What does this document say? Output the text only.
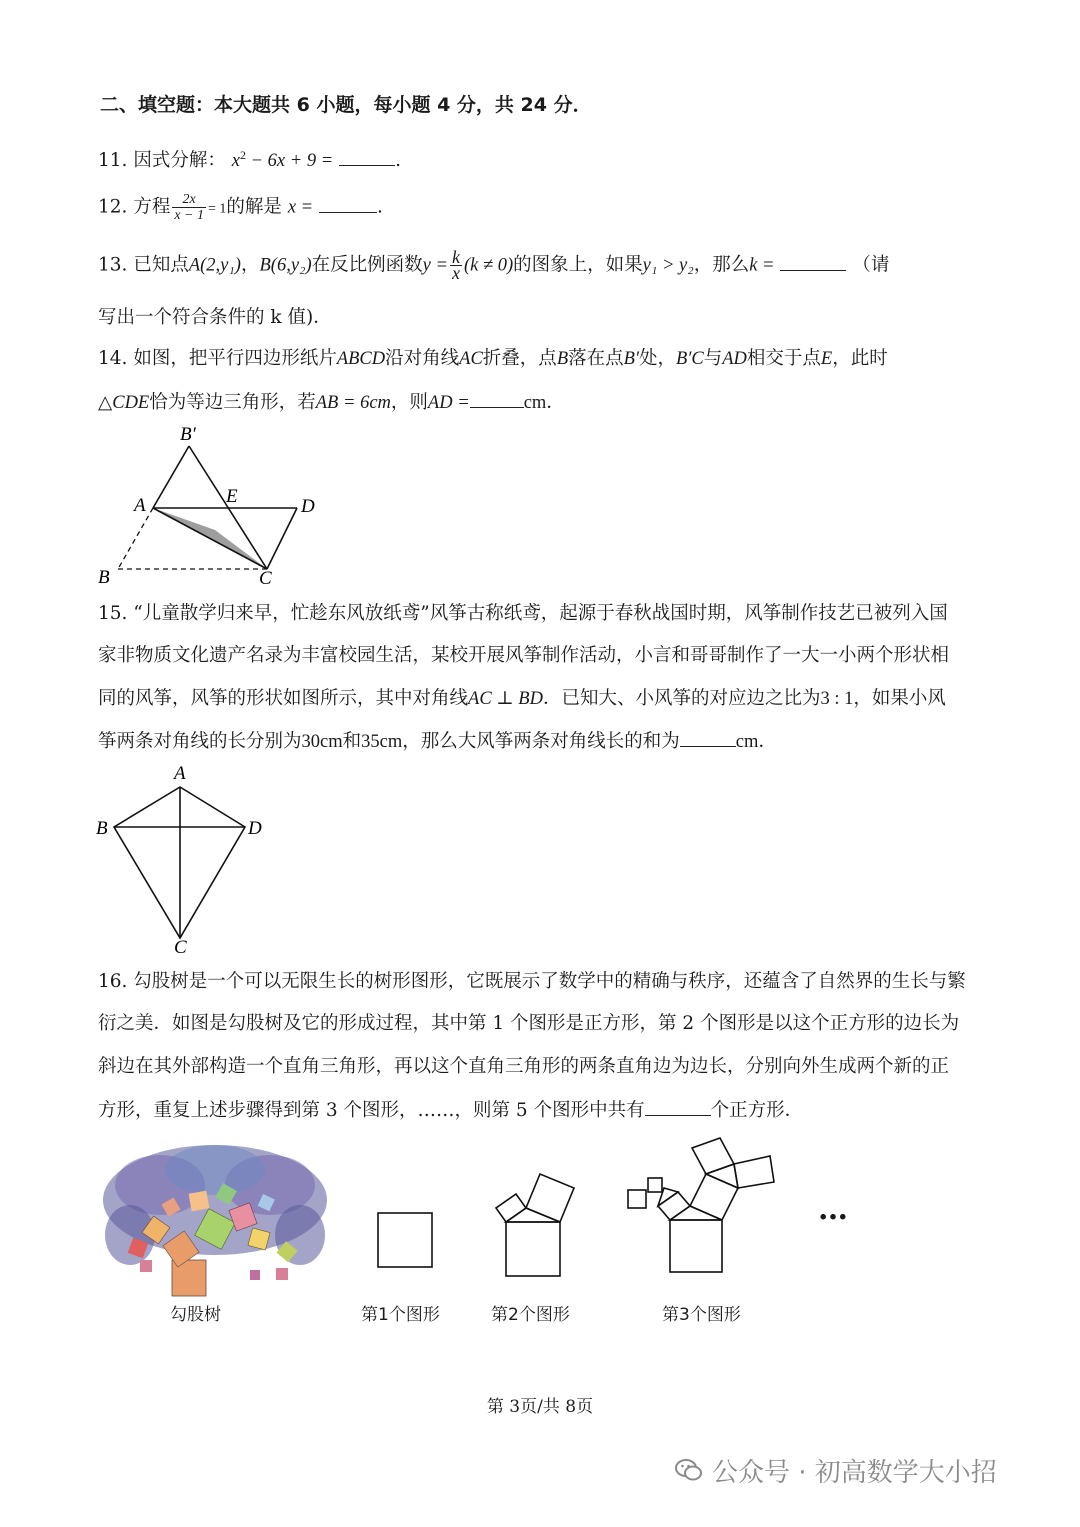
二、填空题：本大题共 6 小题，每小题 4 分，共 24 分．
11. 因式分解： $x^2 - 6x + 9$ =	.
12. 方程 $\frac{2x}{x - 1} = 1$的解是 x =	.
13. 已知点A(2,y₁)，B(6,y₂)在反比例函数$y = \frac{k}{x} (k \ne 0)$的图象上，如果y₁ > y₂，那么k =	（请
写出一个符合条件的 k 值)．
14. 如图，把平行四边形纸片ABCD沿对角线AC折叠，点B落在点B′处，B′C与AD相交于点E，此时
△CDE恰为等边三角形，若AB = 6cm，则AD =	cm．
B′
A	E	D
B	C
15. “儿童散学归来早，忙趁东风放纸鸢”风筝古称纸鸢，起源于春秋战国时期，风筝制作技艺已被列入国
家非物质文化遗产名录为丰富校园生活，某校开展风筝制作活动，小言和哥哥制作了一大一小两个形状相
同的风筝，风筝的形状如图所示，其中对角线AC ⊥ BD．已知大、小风筝的对应边之比为3 : 1，如果小风
筝两条对角线的长分别为30cm和35cm，那么大风筝两条对角线长的和为	cm．
A
B	D
C
16. 勾股树是一个可以无限生长的树形图形，它既展示了数学中的精确与秩序，还蕴含了自然界的生长与繁
衍之美．如图是勾股树及它的形成过程，其中第 1 个图形是正方形，第 2 个图形是以这个正方形的边长为
斜边在其外部构造一个直角三角形，再以这个直角三角形的两条直角边为边长，分别向外生成两个新的正
方形，重复上述步骤得到第 3 个图形，……，则第 5 个图形中共有	个正方形．
勾股树	第1个图形	第2个图形	第3个图形
…
第 3页/共 8页
公众号 · 初高数学大小招
